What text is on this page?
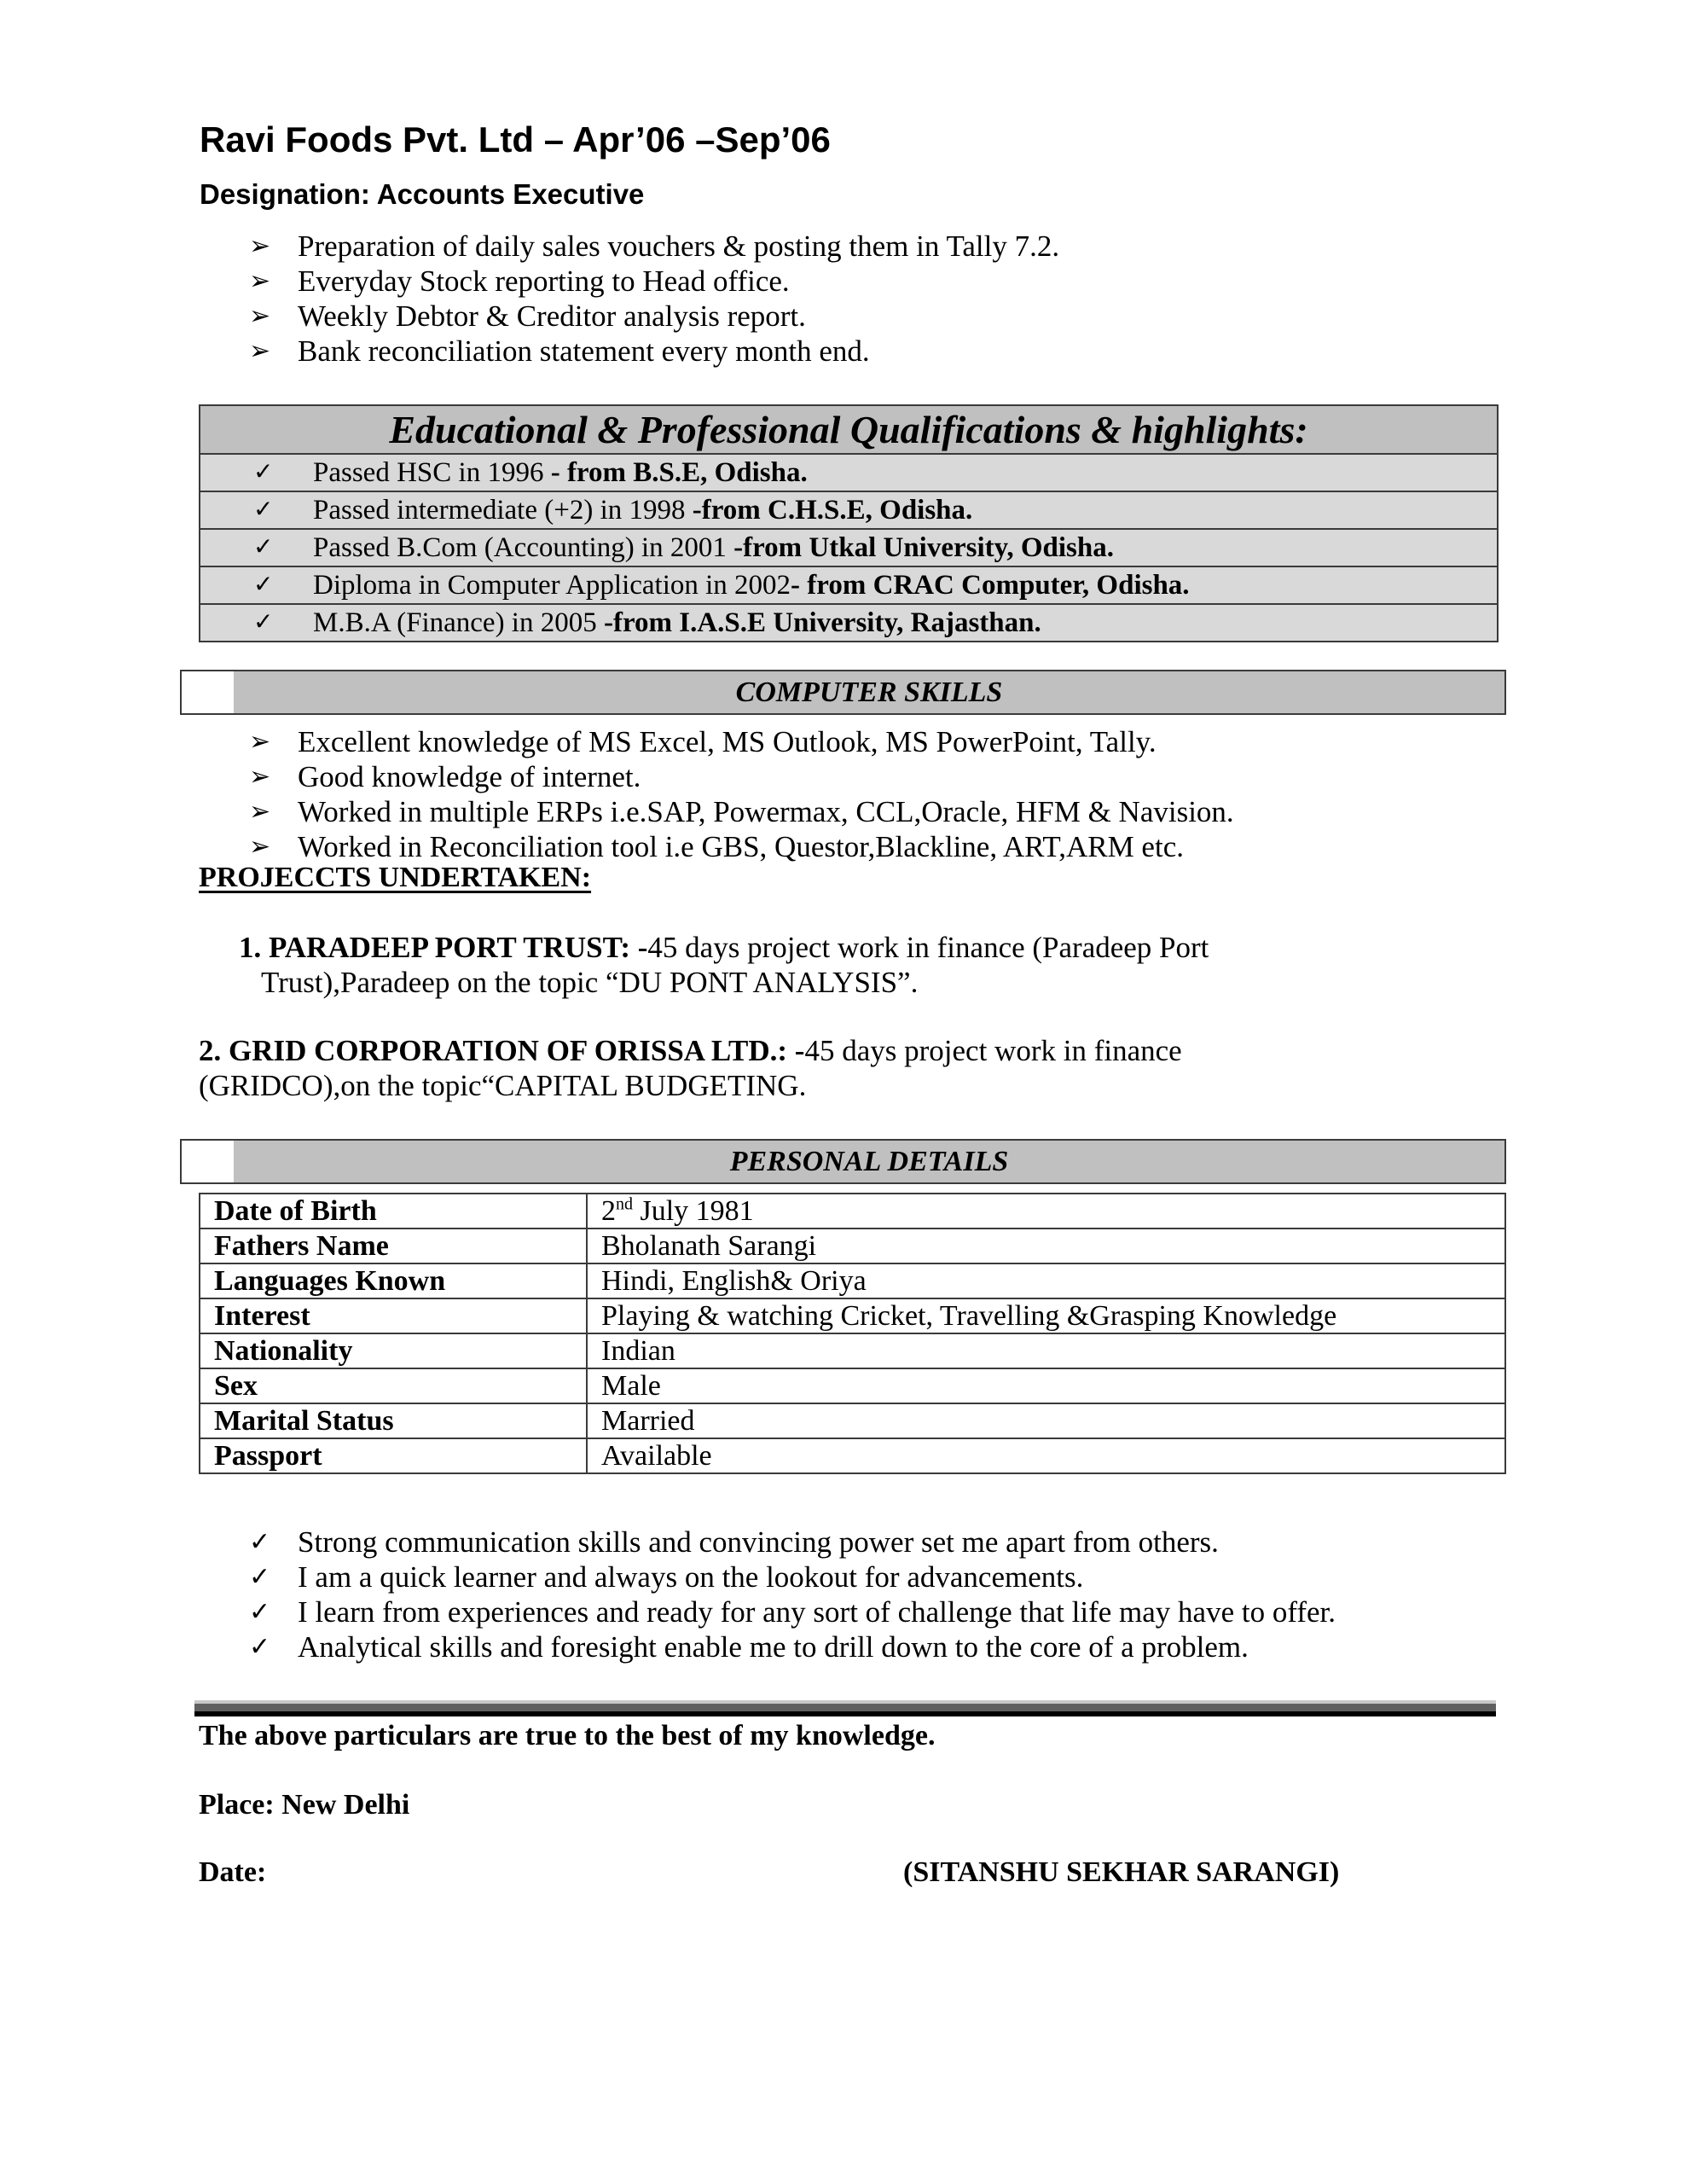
Ravi Foods Pvt. Ltd – Apr’06 –Sep’06
Designation: Accounts Executive
➢ Preparation of daily sales vouchers & posting them in Tally 7.2.
➢ Everyday Stock reporting to Head office.
➢ Weekly Debtor & Creditor analysis report.
➢ Bank reconciliation statement every month end.
Educational & Professional Qualifications & highlights:
✓ Passed HSC in 1996 - from B.S.E, Odisha.
✓ Passed intermediate (+2) in 1998 -from C.H.S.E, Odisha.
✓ Passed B.Com (Accounting) in 2001 -from Utkal University, Odisha.
✓ Diploma in Computer Application in 2002- from CRAC Computer, Odisha.
✓ M.B.A (Finance) in 2005 -from I.A.S.E University, Rajasthan.
COMPUTER SKILLS
➢ Excellent knowledge of MS Excel, MS Outlook, MS PowerPoint, Tally.
➢ Good knowledge of internet.
➢ Worked in multiple ERPs i.e.SAP, Powermax, CCL,Oracle, HFM & Navision.
➢ Worked in Reconciliation tool i.e GBS, Questor,Blackline, ART,ARM etc.
PROJECCTS UNDERTAKEN:
1. PARADEEP PORT TRUST: -45 days project work in finance (Paradeep Port
Trust),Paradeep on the topic “DU PONT ANALYSIS”.
2. GRID CORPORATION OF ORISSA LTD.: -45 days project work in finance
(GRIDCO),on the topic“CAPITAL BUDGETING.
PERSONAL DETAILS
Date of Birth	2nd July 1981
Fathers Name	Bholanath Sarangi
Languages Known	Hindi, English& Oriya
Interest	Playing & watching Cricket, Travelling &Grasping Knowledge
Nationality	Indian
Sex	Male
Marital Status	Married
Passport	Available
✓ Strong communication skills and convincing power set me apart from others.
✓ I am a quick learner and always on the lookout for advancements.
✓ I learn from experiences and ready for any sort of challenge that life may have to offer.
✓ Analytical skills and foresight enable me to drill down to the core of a problem.
The above particulars are true to the best of my knowledge.
Place: New Delhi
Date:	(SITANSHU SEKHAR SARANGI)
